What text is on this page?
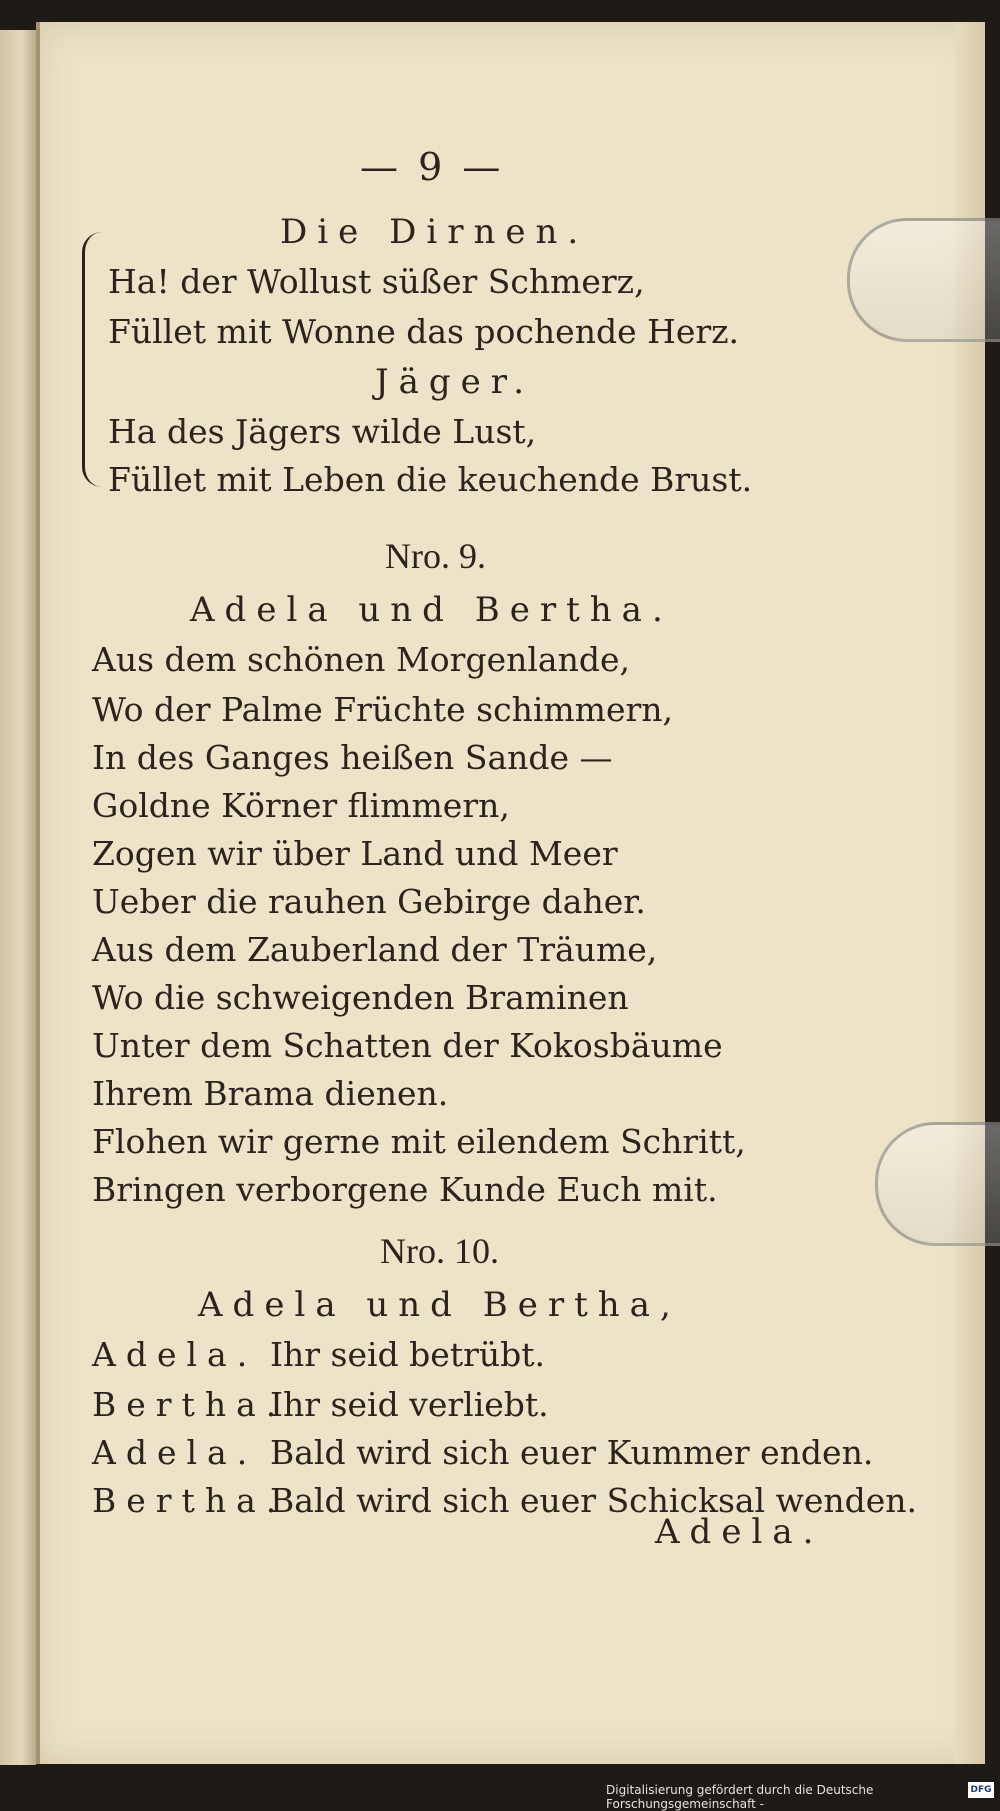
— 9 —
Die Dirnen.
Ha! der Wollust süßer Schmerz,
Füllet mit Wonne das pochende Herz.
Jäger.
Ha des Jägers wilde Lust,
Füllet mit Leben die keuchende Brust.
Nro. 9.
Adela und Bertha.
Aus dem schönen Morgenlande,
Wo der Palme Früchte schimmern,
In des Ganges heißen Sande —
Goldne Körner flimmern,
Zogen wir über Land und Meer
Ueber die rauhen Gebirge daher.
Aus dem Zauberland der Träume,
Wo die schweigenden Braminen
Unter dem Schatten der Kokosbäume
Ihrem Brama dienen.
Flohen wir gerne mit eilendem Schritt,
Bringen verborgene Kunde Euch mit.
Nro. 10.
Adela und Bertha,
Adela. Ihr seid betrübt.
Bertha.
Ihr seid verliebt.
Adela. Bald wird sich euer Kummer enden.
Bertha.
Bald wird sich euer Schicksal wenden.
Adela.
Digitalisierung gefördert durch die Deutsche Forschungsgemeinschaft -
DFG
